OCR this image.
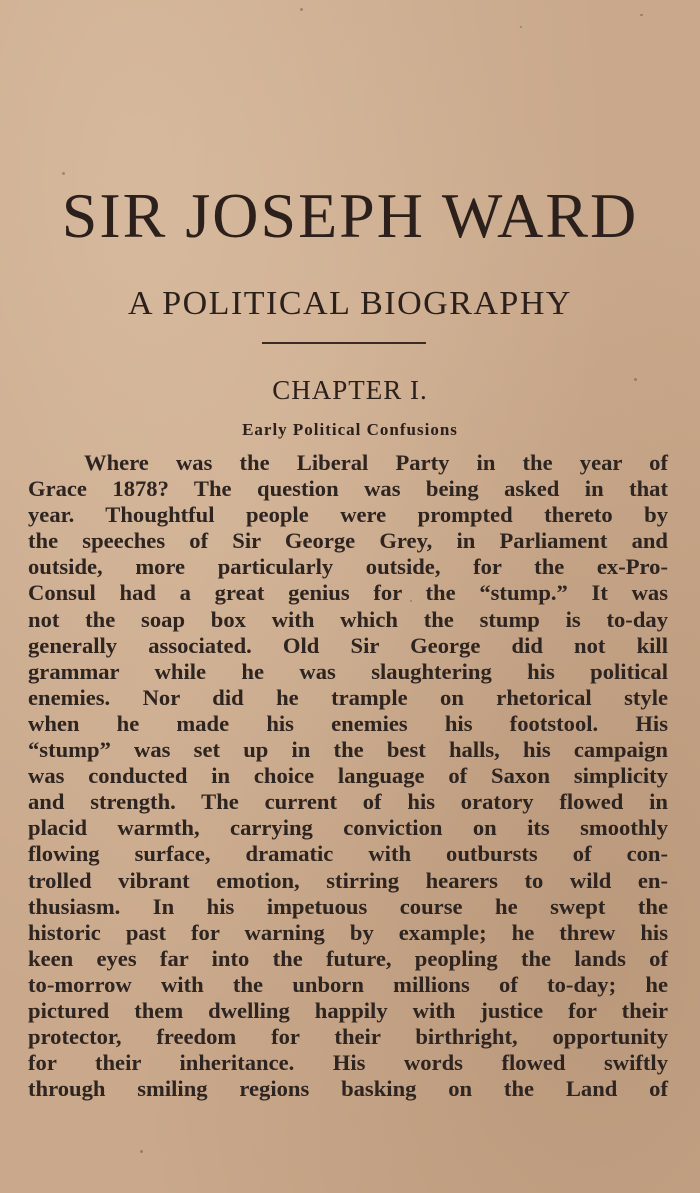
SIR JOSEPH WARD
A POLITICAL BIOGRAPHY
CHAPTER I.
Early Political Confusions
Where was the Liberal Party in the year of
Grace 1878? The question was being asked in that
year. Thoughtful people were prompted thereto by
the speeches of Sir George Grey, in Parliament and
outside, more particularly outside, for the ex-Pro-
Consul had a great genius for the “stump.” It was
not the soap box with which the stump is to-day
generally associated. Old Sir George did not kill
grammar while he was slaughtering his political
enemies. Nor did he trample on rhetorical style
when he made his enemies his footstool. His
“stump” was set up in the best halls, his campaign
was conducted in choice language of Saxon simplicity
and strength. The current of his oratory flowed in
placid warmth, carrying conviction on its smoothly
flowing surface, dramatic with outbursts of con-
trolled vibrant emotion, stirring hearers to wild en-
thusiasm. In his impetuous course he swept the
historic past for warning by example; he threw his
keen eyes far into the future, peopling the lands of
to-morrow with the unborn millions of to-day; he
pictured them dwelling happily with justice for their
protector, freedom for their birthright, opportunity
for their inheritance. His words flowed swiftly
through smiling regions basking on the Land of
